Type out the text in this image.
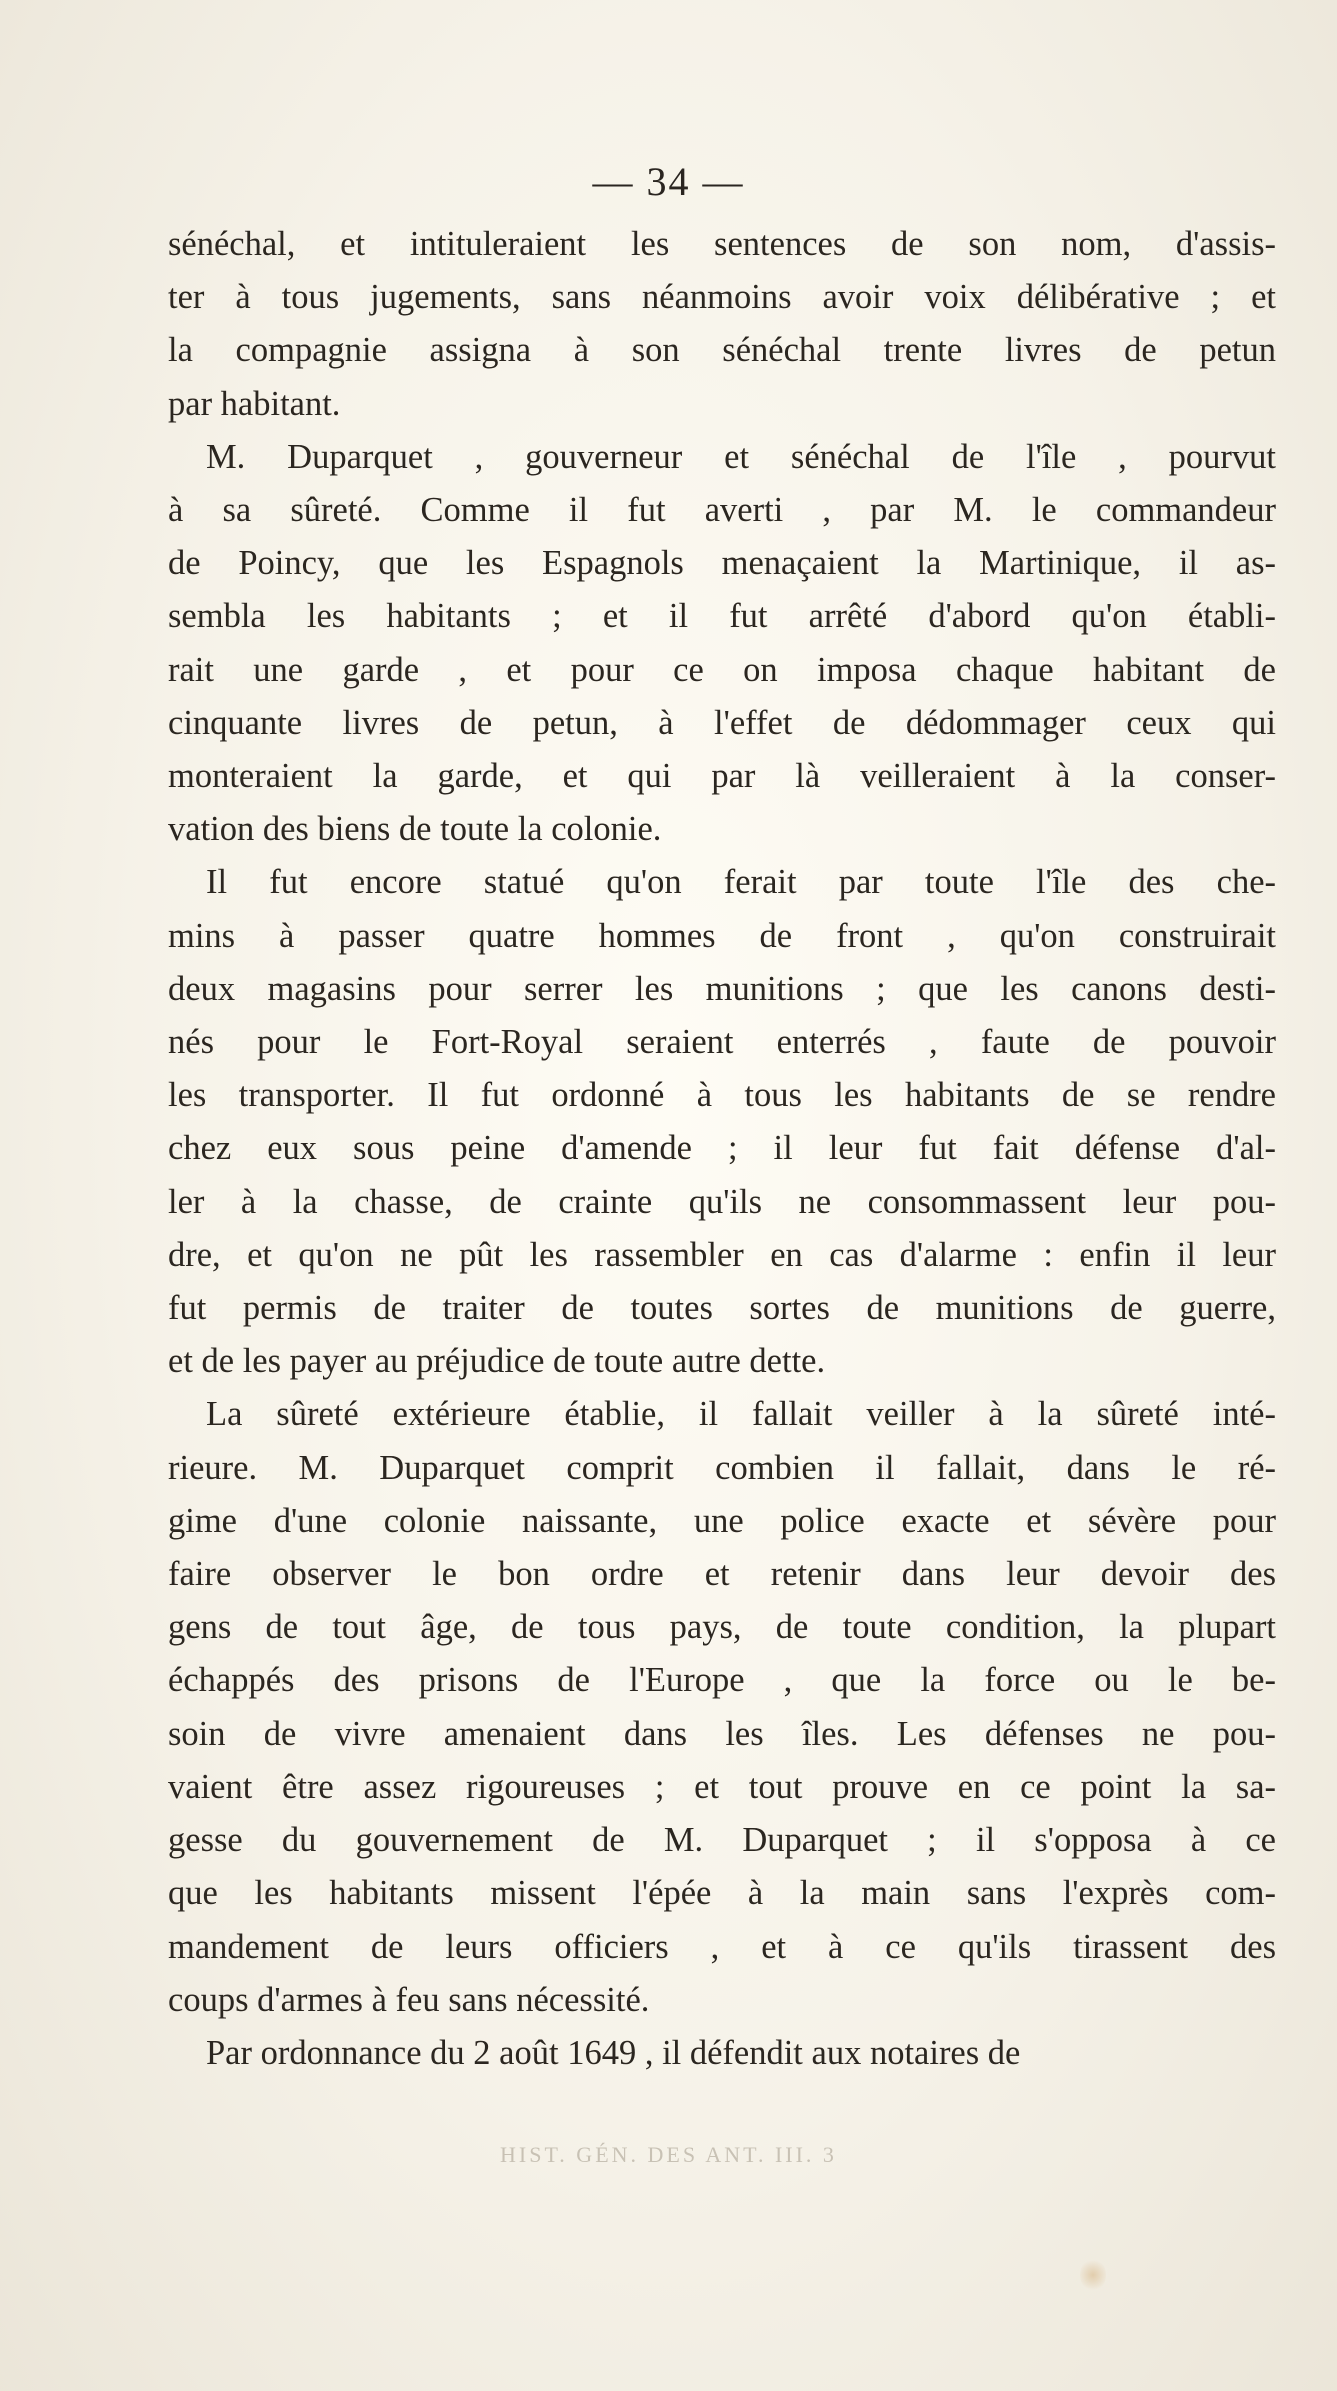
— 34 —
sénéchal, et intituleraient les sentences de son nom, d'assis-
ter à tous jugements, sans néanmoins avoir voix délibérative ; et
la compagnie assigna à son sénéchal trente livres de petun
par habitant.
M. Duparquet , gouverneur et sénéchal de l'île , pourvut
à sa sûreté. Comme il fut averti , par M. le commandeur
de Poincy, que les Espagnols menaçaient la Martinique, il as-
sembla les habitants ; et il fut arrêté d'abord qu'on établi-
rait une garde , et pour ce on imposa chaque habitant de
cinquante livres de petun, à l'effet de dédommager ceux qui
monteraient la garde, et qui par là veilleraient à la conser-
vation des biens de toute la colonie.
Il fut encore statué qu'on ferait par toute l'île des che-
mins à passer quatre hommes de front , qu'on construirait
deux magasins pour serrer les munitions ; que les canons desti-
nés pour le Fort-Royal seraient enterrés , faute de pouvoir
les transporter. Il fut ordonné à tous les habitants de se rendre
chez eux sous peine d'amende ; il leur fut fait défense d'al-
ler à la chasse, de crainte qu'ils ne consommassent leur pou-
dre, et qu'on ne pût les rassembler en cas d'alarme : enfin il leur
fut permis de traiter de toutes sortes de munitions de guerre,
et de les payer au préjudice de toute autre dette.
La sûreté extérieure établie, il fallait veiller à la sûreté inté-
rieure. M. Duparquet comprit combien il fallait, dans le ré-
gime d'une colonie naissante, une police exacte et sévère pour
faire observer le bon ordre et retenir dans leur devoir des
gens de tout âge, de tous pays, de toute condition, la plupart
échappés des prisons de l'Europe , que la force ou le be-
soin de vivre amenaient dans les îles. Les défenses ne pou-
vaient être assez rigoureuses ; et tout prouve en ce point la sa-
gesse du gouvernement de M. Duparquet ; il s'opposa à ce
que les habitants missent l'épée à la main sans l'exprès com-
mandement de leurs officiers , et à ce qu'ils tirassent des
coups d'armes à feu sans nécessité.
Par ordonnance du 2 août 1649 , il défendit aux notaires de
HIST. GÉN. DES ANT. III. 3
